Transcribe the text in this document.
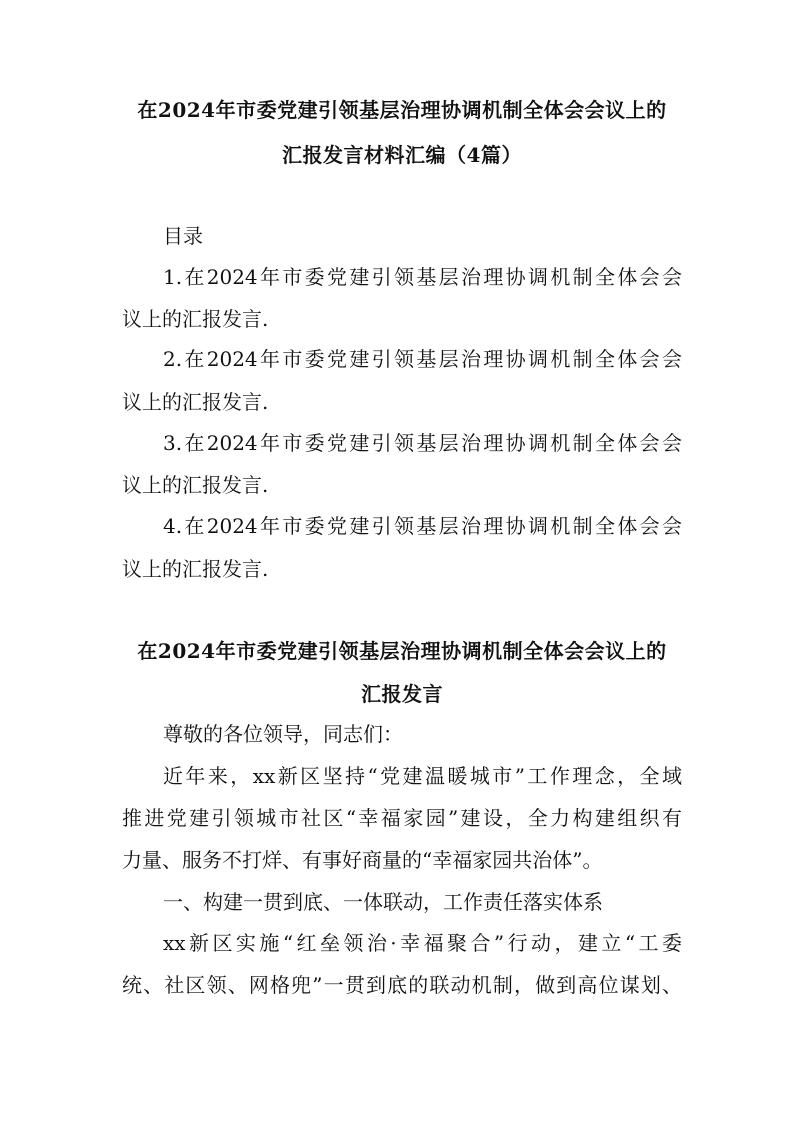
在2024年市委党建引领基层治理协调机制全体会会议上的
汇报发言材料汇编（4篇）
目录
1.在2024年市委党建引领基层治理协调机制全体会会
议上的汇报发言.
2.在2024年市委党建引领基层治理协调机制全体会会
议上的汇报发言.
3.在2024年市委党建引领基层治理协调机制全体会会
议上的汇报发言.
4.在2024年市委党建引领基层治理协调机制全体会会
议上的汇报发言.
在2024年市委党建引领基层治理协调机制全体会会议上的
汇报发言
尊敬的各位领导，同志们：
近年来，xx新区坚持“党建温暖城市”工作理念，全域
推进党建引领城市社区“幸福家园”建设，全力构建组织有
力量、服务不打烊、有事好商量的“幸福家园共治体”。
一、构建一贯到底、一体联动，工作责任落实体系
xx新区实施“红垒领治·幸福聚合”行动，建立“工委
统、社区领、网格兜”一贯到底的联动机制，做到高位谋划、
